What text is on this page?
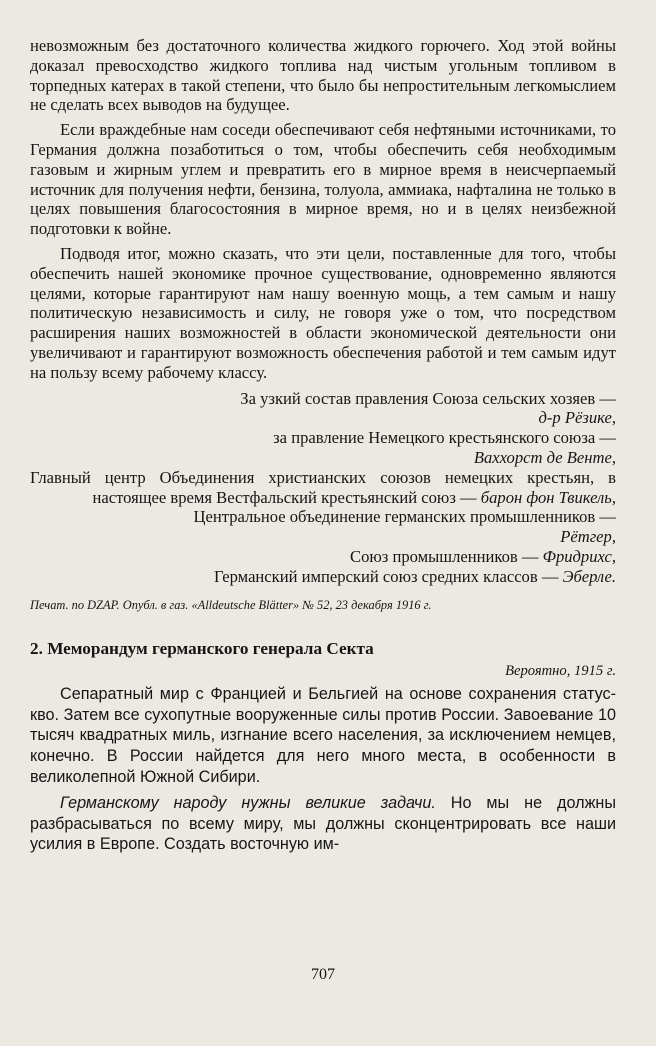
невозможным без достаточного количества жидкого горючего. Ход этой войны доказал превосходство жидкого топлива над чистым угольным топливом в торпедных катерах в такой степени, что было бы непростительным легкомыслием не сделать всех выводов на будущее.

Если враждебные нам соседи обеспечивают себя нефтяными источниками, то Германия должна позаботиться о том, чтобы обеспечить себя необходимым газовым и жирным углем и превратить его в мирное время в неисчерпаемый источник для получения нефти, бензина, толуола, аммиака, нафталина не только в целях повышения благосостояния в мирное время, но и в целях неизбежной подготовки к войне.

Подводя итог, можно сказать, что эти цели, поставленные для того, чтобы обеспечить нашей экономике прочное существование, одновременно являются целями, которые гарантируют нам нашу военную мощь, а тем самым и нашу политическую независимость и силу, не говоря уже о том, что посредством расширения наших возможностей в области экономической деятельности они увеличивают и гарантируют возможность обеспечения работой и тем самым идут на пользу всему рабочему классу.

За узкий состав правления Союза сельских хозяев —
д-р Рёзике,
за правление Немецкого крестьянского союза —
Ваххорст де Венте,
Главный центр Объединения христианских союзов немецких крестьян, в настоящее время Вестфальский крестьянский союз — барон фон Твикель,
Центральное объединение германских промышленников —
Рётгер,
Союз промышленников — Фридрихс,
Германский имперский союз средних классов — Эберле.
Печат. по DZAP. Опубл. в газ. «Alldeutsche Blätter» № 52, 23 декабря 1916 г.
2. Меморандум германского генерала Секта
Вероятно, 1915 г.

Сепаратный мир с Францией и Бельгией на основе сохранения статус-кво. Затем все сухопутные вооруженные силы против России. Завоевание 10 тысяч квадратных миль, изгнание всего населения, за исключением немцев, конечно. В России найдется для него много места, в особенности в великолепной Южной Сибири.

Германскому народу нужны великие задачи. Но мы не должны разбрасываться по всему миру, мы должны сконцентрировать все наши усилия в Европе. Создать восточную им-

707
